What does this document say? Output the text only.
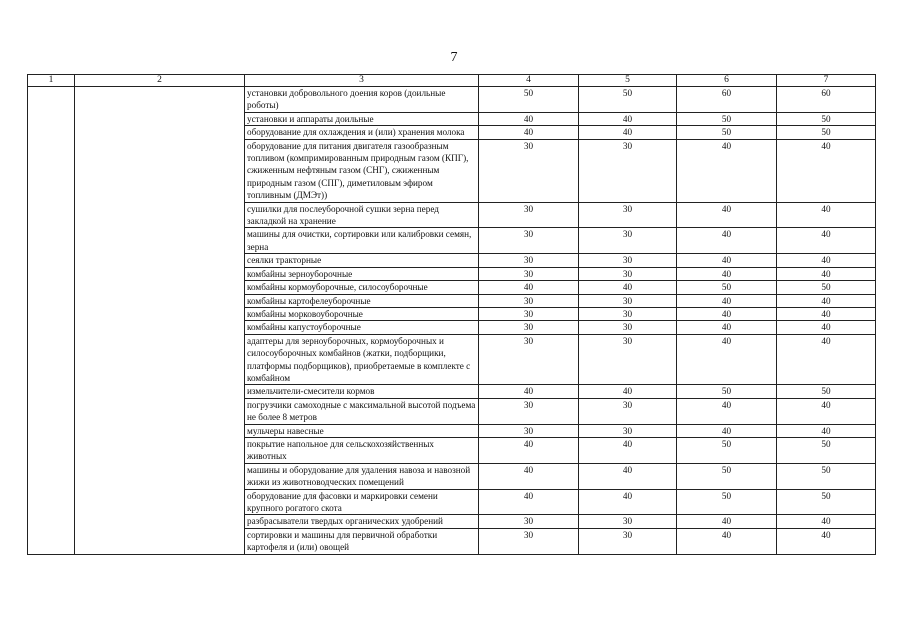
7
1	2	3	4	5	6	7
		установки добровольного доения коров (доильные роботы)	50	50	60	60
		установки и аппараты доильные	40	40	50	50
		оборудование для охлаждения и (или) хранения молока	40	40	50	50
		оборудование для питания двигателя газообразным топливом (компримированным природным газом (КПГ), сжиженным нефтяным газом (СНГ), сжиженным природным газом (СПГ), диметиловым эфиром топливным (ДМЭт))	30	30	40	40
		сушилки для послеуборочной сушки зерна перед закладкой на хранение	30	30	40	40
		машины для очистки, сортировки или калибровки семян, зерна	30	30	40	40
		сеялки тракторные	30	30	40	40
		комбайны зерноуборочные	30	30	40	40
		комбайны кормоуборочные, силосоуборочные	40	40	50	50
		комбайны картофелеуборочные	30	30	40	40
		комбайны морковоуборочные	30	30	40	40
		комбайны капустоуборочные	30	30	40	40
		адаптеры для зерноуборочных, кормоуборочных и силосоуборочных комбайнов (жатки, подборщики, платформы подборщиков), приобретаемые в комплекте с комбайном	30	30	40	40
		измельчители-смесители кормов	40	40	50	50
		погрузчики самоходные с максимальной высотой подъема не более 8 метров	30	30	40	40
		мульчеры навесные	30	30	40	40
		покрытие напольное для сельскохозяйственных животных	40	40	50	50
		машины и оборудование для удаления навоза и навозной жижи из животноводческих помещений	40	40	50	50
		оборудование для фасовки и маркировки семени крупного рогатого скота	40	40	50	50
		разбрасыватели твердых органических удобрений	30	30	40	40
		сортировки и машины для первичной обработки картофеля и (или) овощей	30	30	40	40
